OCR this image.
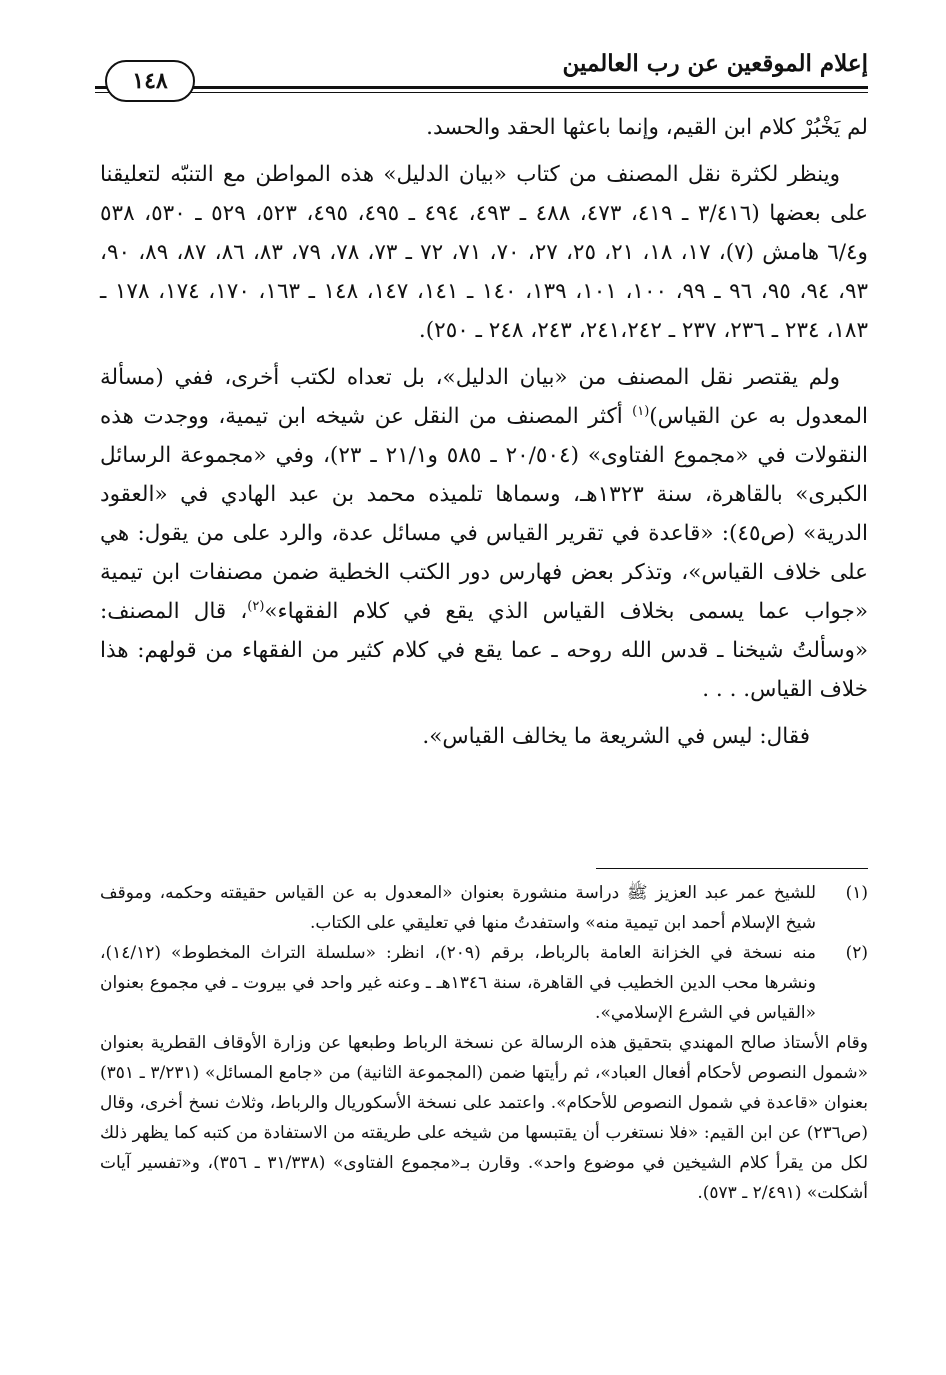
إعلام الموقعين عن رب العالمين
١٤٨

لم يَخْبُرْ كلام ابن القيم، وإنما باعثها الحقد والحسد.

وينظر لكثرة نقل المصنف من كتاب «بيان الدليل» هذه المواطن مع التنبّه لتعليقنا على بعضها (٣/٤١٦ ـ ٤١٩، ٤٧٣، ٤٨٨ ـ ٤٩٣، ٤٩٤ ـ ٤٩٥، ٤٩٥، ٥٢٣، ٥٢٩ ـ ٥٣٠، ٥٣٨ و٦/٤ هامش (٧)، ١٧، ١٨، ٢١، ٢٥، ٢٧، ٧٠، ٧١، ٧٢ ـ ٧٣، ٧٨، ٧٩، ٨٣، ٨٦، ٨٧، ٨٩، ٩٠، ٩٣، ٩٤، ٩٥، ٩٦ ـ ٩٩، ١٠٠، ١٠١، ١٣٩، ١٤٠ ـ ١٤١، ١٤٧، ١٤٨ ـ ١٦٣، ١٧٠، ١٧٤، ١٧٨ ـ ١٨٣، ٢٣٤ ـ ٢٣٦، ٢٣٧ ـ ٢٤١،٢٤٢، ٢٤٣، ٢٤٨ ـ ٢٥٠).

ولم يقتصر نقل المصنف من «بيان الدليل»، بل تعداه لكتب أخرى، ففي (مسألة المعدول به عن القياس)$^{(١)}$ أكثر المصنف من النقل عن شيخه ابن تيمية، ووجدت هذه النقولات في «مجموع الفتاوى» (٢٠/٥٠٤ ـ ٥٨٥ و٢١/١ ـ ٢٣)، وفي «مجموعة الرسائل الكبرى» بالقاهرة، سنة ١٣٢٣هـ، وسماها تلميذه محمد بن عبد الهادي في «العقود الدرية» (ص٤٥): «قاعدة في تقرير القياس في مسائل عدة، والرد على من يقول: هي على خلاف القياس»، وتذكر بعض فهارس دور الكتب الخطية ضمن مصنفات ابن تيمية «جواب عما يسمى بخلاف القياس الذي يقع في كلام الفقهاء»$^{(٢)}$، قال المصنف: «وسألتُ شيخنا ـ قدس الله روحه ـ عما يقع في كلام كثير من الفقهاء من قولهم: هذا خلاف القياس. . . .

فقال: ليس في الشريعة ما يخالف القياس».

(١)
للشيخ عمر عبد العزيز ﷺ دراسة منشورة بعنوان «المعدول به عن القياس حقيقته وحكمه، وموقف شيخ الإسلام أحمد ابن تيمية منه» واستفدتُ منها في تعليقي على الكتاب.
(٢)
منه نسخة في الخزانة العامة بالرباط، برقم (٢٠٩)، انظر: «سلسلة التراث المخطوط» (١٤/١٢)، ونشرها محب الدين الخطيب في القاهرة، سنة ١٣٤٦هـ ـ وعنه غير واحد في بيروت ـ في مجموع بعنوان «القياس في الشرع الإسلامي».
وقام الأستاذ صالح المهندي بتحقيق هذه الرسالة عن نسخة الرباط وطبعها عن وزارة الأوقاف القطرية بعنوان «شمول النصوص لأحكام أفعال العباد»، ثم رأيتها ضمن (المجموعة الثانية) من «جامع المسائل» (٣/٢٣١ ـ ٣٥١) بعنوان «قاعدة في شمول النصوص للأحكام». واعتمد على نسخة الأسكوريال والرباط، وثلاث نسخ أخرى، وقال (ص٢٣٦) عن ابن القيم: «فلا نستغرب أن يقتبسها من شيخه على طريقته من الاستفادة من كتبه كما يظهر ذلك لكل من يقرأ كلام الشيخين في موضوع واحد». وقارن بـ«مجموع الفتاوى» (٣١/٣٣٨ ـ ٣٥٦)، و«تفسير آيات أشكلت» (٢/٤٩١ ـ ٥٧٣).
